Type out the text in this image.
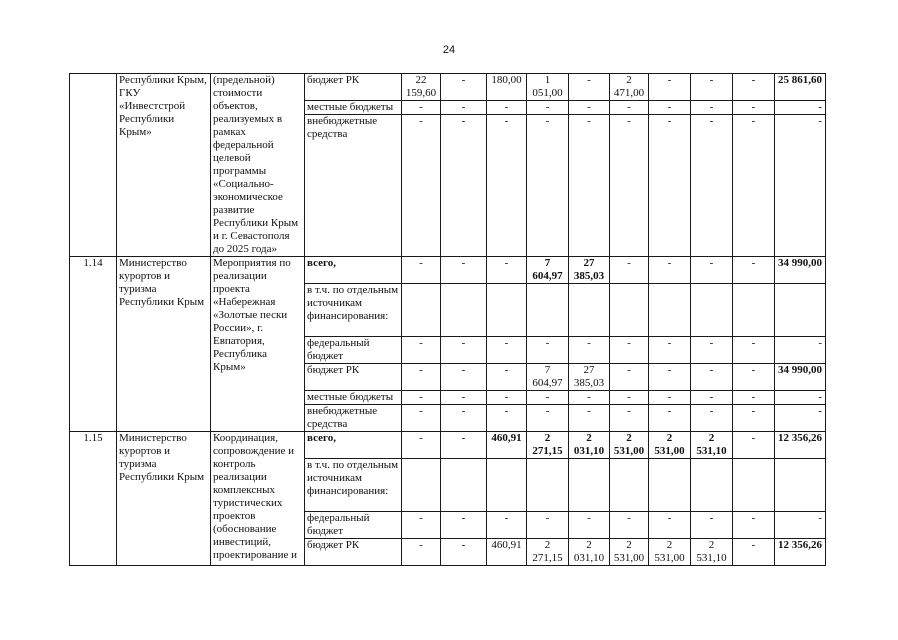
24
	Республики Крым, ГКУ «Инвестстрой Республики Крым»	(предельной) стоимости объектов, реализуемых в рамках федеральной целевой программы «Социально-экономическое развитие Республики Крым и г. Севастополя до 2025 года»	бюджет РК	22 159,60	-	180,00	1 051,00	-	2 471,00	-	-	-	25 861,60
			местные бюджеты	-	-	-	-	-	-	-	-	-	-
			внебюджетные средства	-	-	-	-	-	-	-	-	-	-
1.14	Министерство курортов и туризма Республики Крым	Мероприятия по реализации проекта «Набережная «Золотые пески России», г. Евпатория, Республика Крым»	всего,	-	-	-	7 604,97	27 385,03	-	-	-	-	34 990,00
			в т.ч. по отдельным источникам финансирования:										
			федеральный бюджет	-	-	-	-	-	-	-	-	-	-
			бюджет РК	-	-	-	7 604,97	27 385,03	-	-	-	-	34 990,00
			местные бюджеты	-	-	-	-	-	-	-	-	-	-
			внебюджетные средства	-	-	-	-	-	-	-	-	-	-
1.15	Министерство курортов и туризма Республики Крым	Координация, сопровождение и контроль реализации комплексных туристических проектов (обоснование инвестиций, проектирование и	всего,	-	-	460,91	2 271,15	2 031,10	2 531,00	2 531,00	2 531,10	-	12 356,26
			в т.ч. по отдельным источникам финансирования:										
			федеральный бюджет	-	-	-	-	-	-	-	-	-	-
			бюджет РК	-	-	460,91	2 271,15	2 031,10	2 531,00	2 531,00	2 531,10	-	12 356,26
